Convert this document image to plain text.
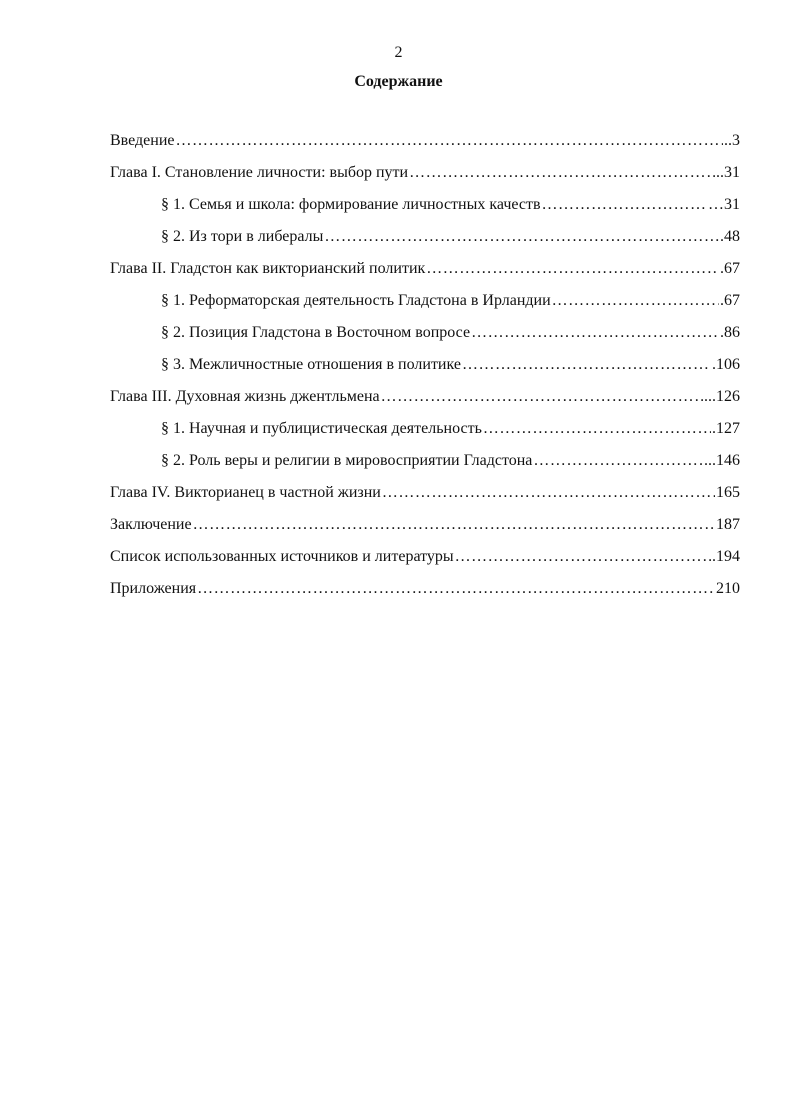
2
Содержание
Введение ………………………………………………………………………………………………………………………………………………………………………	..3
Глава I. Становление личности: выбор пути ………………………………………………………………………………………………………………………………………………………………………	..31
§ 1. Семья и школа: формирование личностных качеств ………………………………………………………………………………………………………………………………………………………………………	…31
§ 2. Из тори в либералы ………………………………………………………………………………………………………………………………………………………………………	.48
Глава II. Гладстон как викторианский политик ………………………………………………………………………………………………………………………………………………………………………	.67
§ 1. Реформаторская деятельность Гладстона в Ирландии ………………………………………………………………………………………………………………………………………………………………………	.67
§ 2. Позиция Гладстона в Восточном вопросе ………………………………………………………………………………………………………………………………………………………………………	.86
§ 3. Межличностные отношения в политике ………………………………………………………………………………………………………………………………………………………………………	.106
Глава III. Духовная жизнь джентльмена ………………………………………………………………………………………………………………………………………………………………………	...126
§ 1. Научная и публицистическая деятельность ………………………………………………………………………………………………………………………………………………………………………	.127
§ 2. Роль веры и религии в мировосприятии Гладстона ………………………………………………………………………………………………………………………………………………………………………	...146
Глава IV. Викторианец в частной жизни ………………………………………………………………………………………………………………………………………………………………………	165
Заключение ………………………………………………………………………………………………………………………………………………………………………	187
Список использованных источников и литературы ………………………………………………………………………………………………………………………………………………………………………	.194
Приложения ………………………………………………………………………………………………………………………………………………………………………	210
